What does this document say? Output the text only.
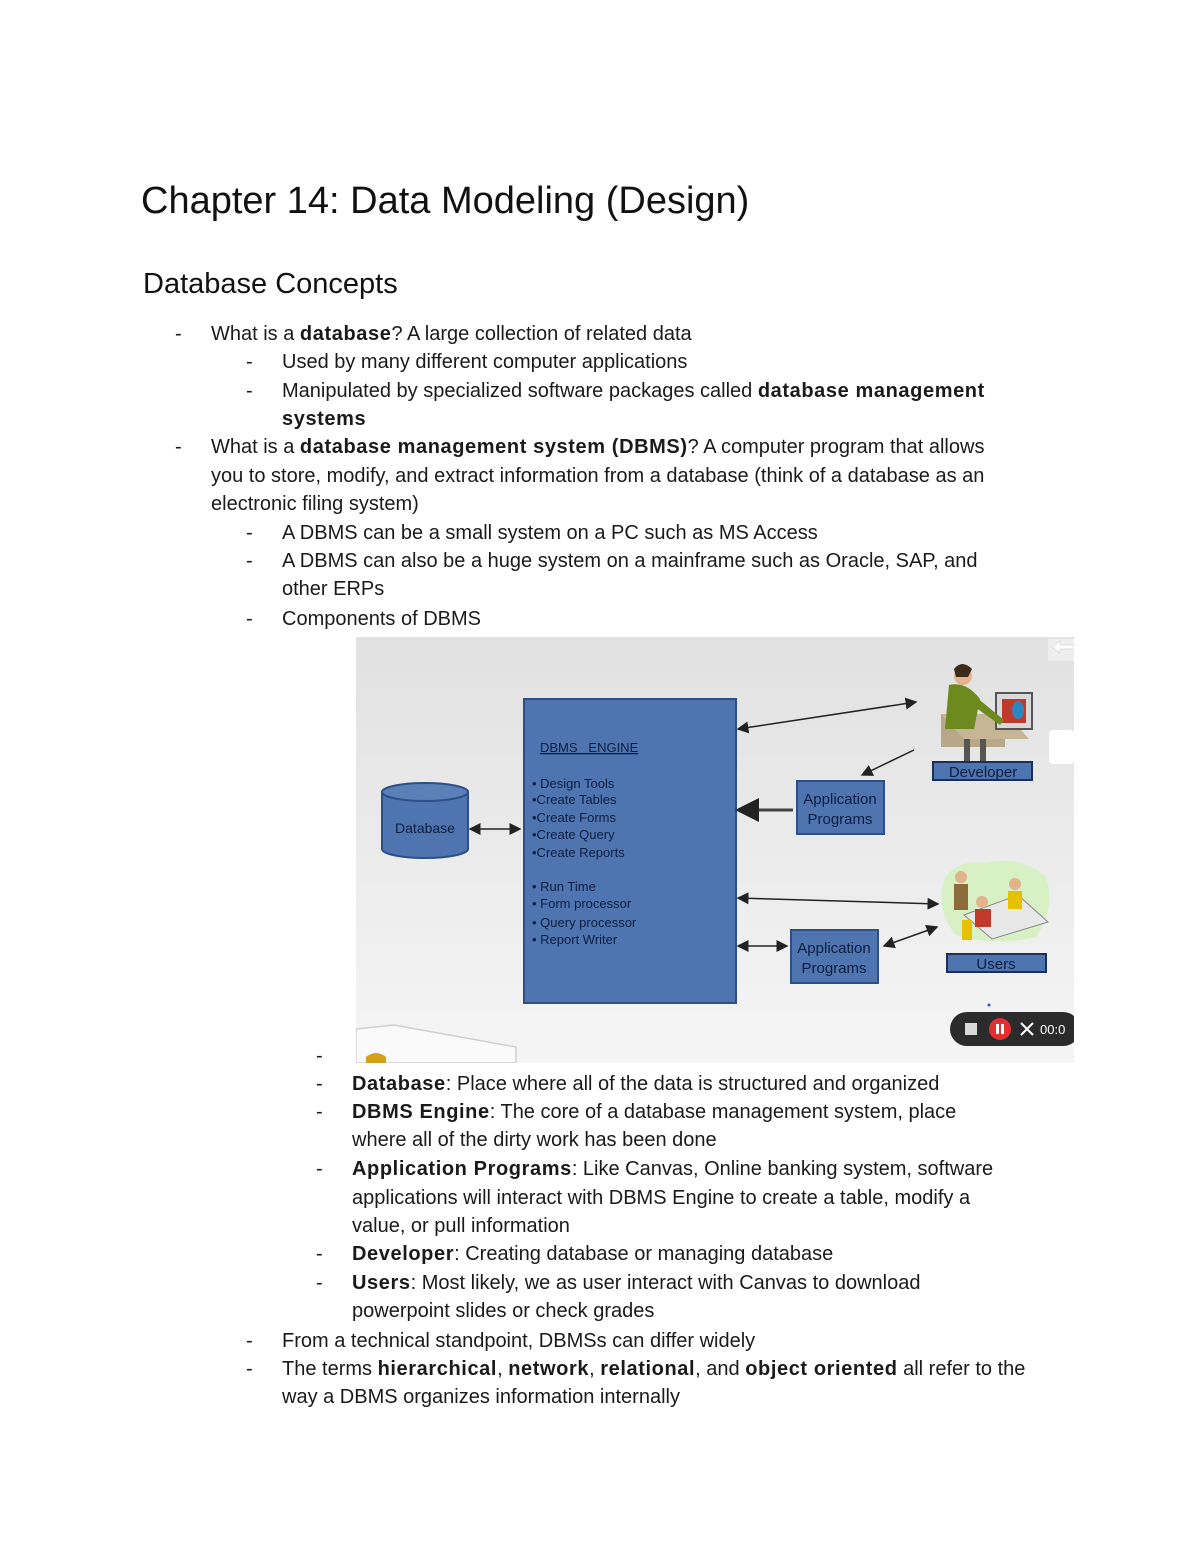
Chapter 14: Data Modeling (Design)
Database Concepts
- What is a database? A large collection of related data
- Used by many different computer applications
- Manipulated by specialized software packages called database management
systems
- What is a database management system (DBMS)? A computer program that allows
you to store, modify, and extract information from a database (think of a database as an
electronic filing system)
- A DBMS can be a small system on a PC such as MS Access
- A DBMS can also be a huge system on a mainframe such as Oracle, SAP, and
other ERPs
- Components of DBMS
DBMS   ENGINE
• Design Tools
•Create Tables
•Create Forms
•Create Query
•Create Reports
• Run Time
• Form processor
• Query processor
• Report Writer
Database
Application
Programs
Developer
Users
Application
Programs
00:0
-
- Database: Place where all of the data is structured and organized
- DBMS Engine: The core of a database management system, place
where all of the dirty work has been done
- Application Programs: Like Canvas, Online banking system, software
applications will interact with DBMS Engine to create a table, modify a
value, or pull information
- Developer: Creating database or managing database
- Users: Most likely, we as user interact with Canvas to download
powerpoint slides or check grades
- From a technical standpoint, DBMSs can differ widely
- The terms hierarchical, network, relational, and object oriented all refer to the
way a DBMS organizes information internally
